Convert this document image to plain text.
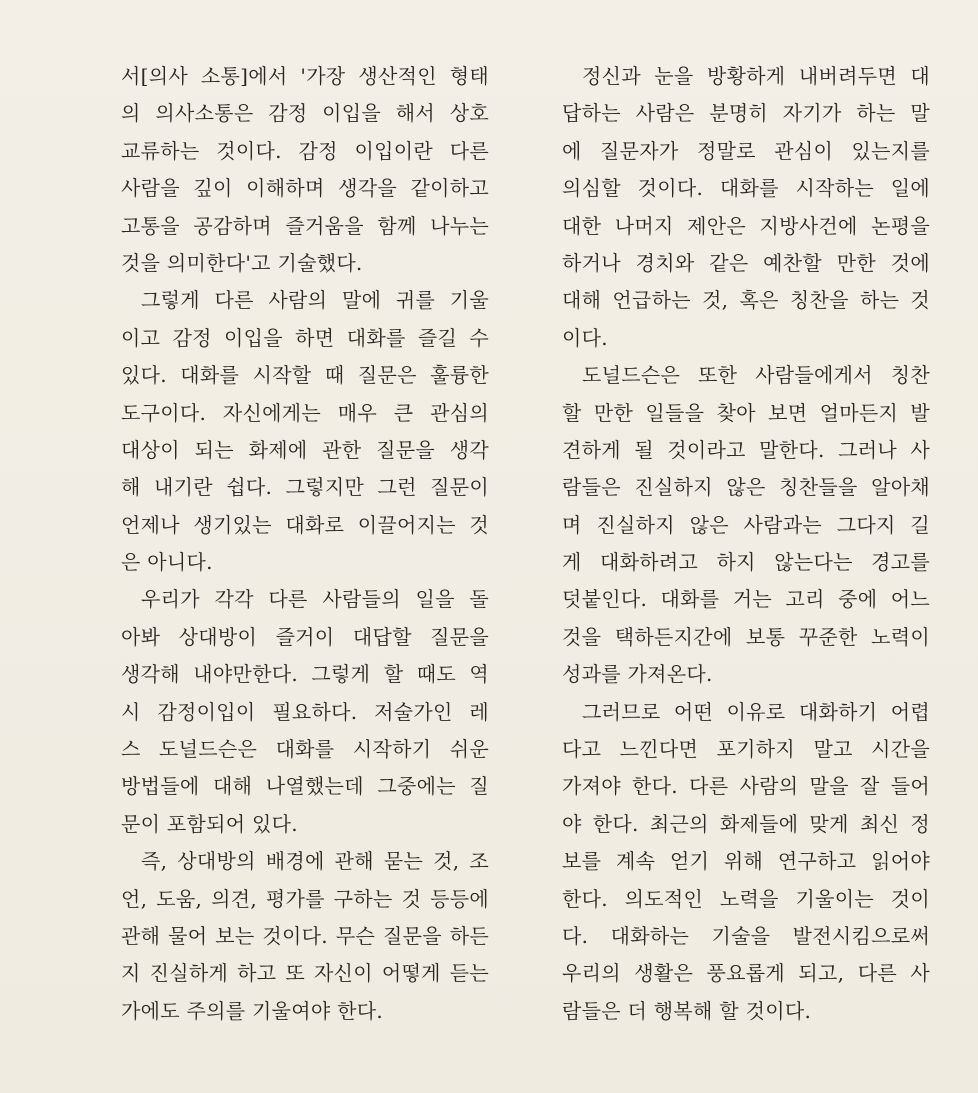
서[의사 소통]에서 '가장 생산적인 형태
의 의사소통은 감정 이입을 해서 상호
교류하는 것이다. 감정 이입이란 다른
사람을 깊이 이해하며 생각을 같이하고
고통을 공감하며 즐거움을 함께 나누는
것을 의미한다'고 기술했다.
그렇게 다른 사람의 말에 귀를 기울
이고 감정 이입을 하면 대화를 즐길 수
있다. 대화를 시작할 때 질문은 훌륭한
도구이다. 자신에게는 매우 큰 관심의
대상이 되는 화제에 관한 질문을 생각
해 내기란 쉽다. 그렇지만 그런 질문이
언제나 생기있는 대화로 이끌어지는 것
은 아니다.
우리가 각각 다른 사람들의 일을 돌
아봐 상대방이 즐거이 대답할 질문을
생각해 내야만한다. 그렇게 할 때도 역
시 감정이입이 필요하다. 저술가인 레
스 도널드슨은 대화를 시작하기 쉬운
방법들에 대해 나열했는데 그중에는 질
문이 포함되어 있다.
즉, 상대방의 배경에 관해 묻는 것, 조
언, 도움, 의견, 평가를 구하는 것 등등에
관해 물어 보는 것이다. 무슨 질문을 하든
지 진실하게 하고 또 자신이 어떻게 듣는
가에도 주의를 기울여야 한다.
정신과 눈을 방황하게 내버려두면 대
답하는 사람은 분명히 자기가 하는 말
에 질문자가 정말로 관심이 있는지를
의심할 것이다. 대화를 시작하는 일에
대한 나머지 제안은 지방사건에 논평을
하거나 경치와 같은 예찬할 만한 것에
대해 언급하는 것, 혹은 칭찬을 하는 것
이다.
도널드슨은 또한 사람들에게서 칭찬
할 만한 일들을 찾아 보면 얼마든지 발
견하게 될 것이라고 말한다. 그러나 사
람들은 진실하지 않은 칭찬들을 알아채
며 진실하지 않은 사람과는 그다지 길
게 대화하려고 하지 않는다는 경고를
덧붙인다. 대화를 거는 고리 중에 어느
것을 택하든지간에 보통 꾸준한 노력이
성과를 가져온다.
그러므로 어떤 이유로 대화하기 어렵
다고 느낀다면 포기하지 말고 시간을
가져야 한다. 다른 사람의 말을 잘 들어
야 한다. 최근의 화제들에 맞게 최신 정
보를 계속 얻기 위해 연구하고 읽어야
한다. 의도적인 노력을 기울이는 것이
다. 대화하는 기술을 발전시킴으로써
우리의 생활은 풍요롭게 되고, 다른 사
람들은 더 행복해 할 것이다.
